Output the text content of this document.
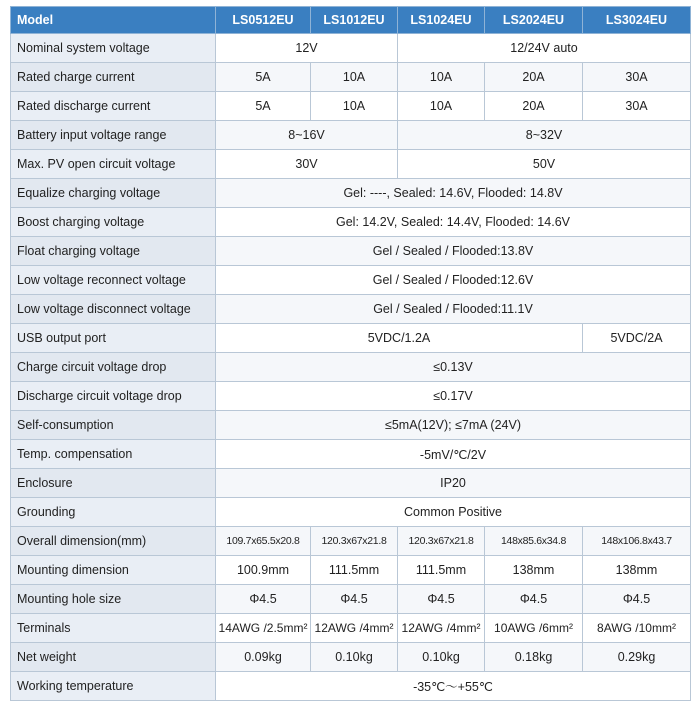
Model	LS0512EU	LS1012EU	LS1024EU	LS2024EU	LS3024EU
Nominal system voltage	12V		12/24V auto		
Rated charge current	5A	10A	10A	20A	30A
Rated discharge current	5A	10A	10A	20A	30A
Battery input voltage range	8~16V		8~32V		
Max. PV open circuit voltage	30V		50V		
Equalize charging voltage	Gel: ----, Sealed: 14.6V, Flooded: 14.8V				
Boost charging voltage	Gel: 14.2V, Sealed: 14.4V, Flooded: 14.6V				
Float charging voltage	Gel / Sealed / Flooded:13.8V				
Low voltage reconnect voltage	Gel / Sealed / Flooded:12.6V				
Low voltage disconnect voltage	Gel / Sealed / Flooded:11.1V				
USB output port	5VDC/1.2A				5VDC/2A
Charge circuit voltage drop	≤0.13V				
Discharge circuit voltage drop	≤0.17V				
Self-consumption	≤5mA(12V); ≤7mA (24V)				
Temp. compensation	-5mV/℃/2V				
Enclosure	IP20				
Grounding	Common Positive				
Overall dimension(mm)	109.7x65.5x20.8	120.3x67x21.8	120.3x67x21.8	148x85.6x34.8	148x106.8x43.7
Mounting dimension	100.9mm	111.5mm	111.5mm	138mm	138mm
Mounting hole size	Φ4.5	Φ4.5	Φ4.5	Φ4.5	Φ4.5
Terminals	14AWG /2.5mm²	12AWG /4mm²	12AWG /4mm²	10AWG /6mm²	8AWG /10mm²
Net weight	0.09kg	0.10kg	0.10kg	0.18kg	0.29kg
Working temperature	-35℃～+55℃				
